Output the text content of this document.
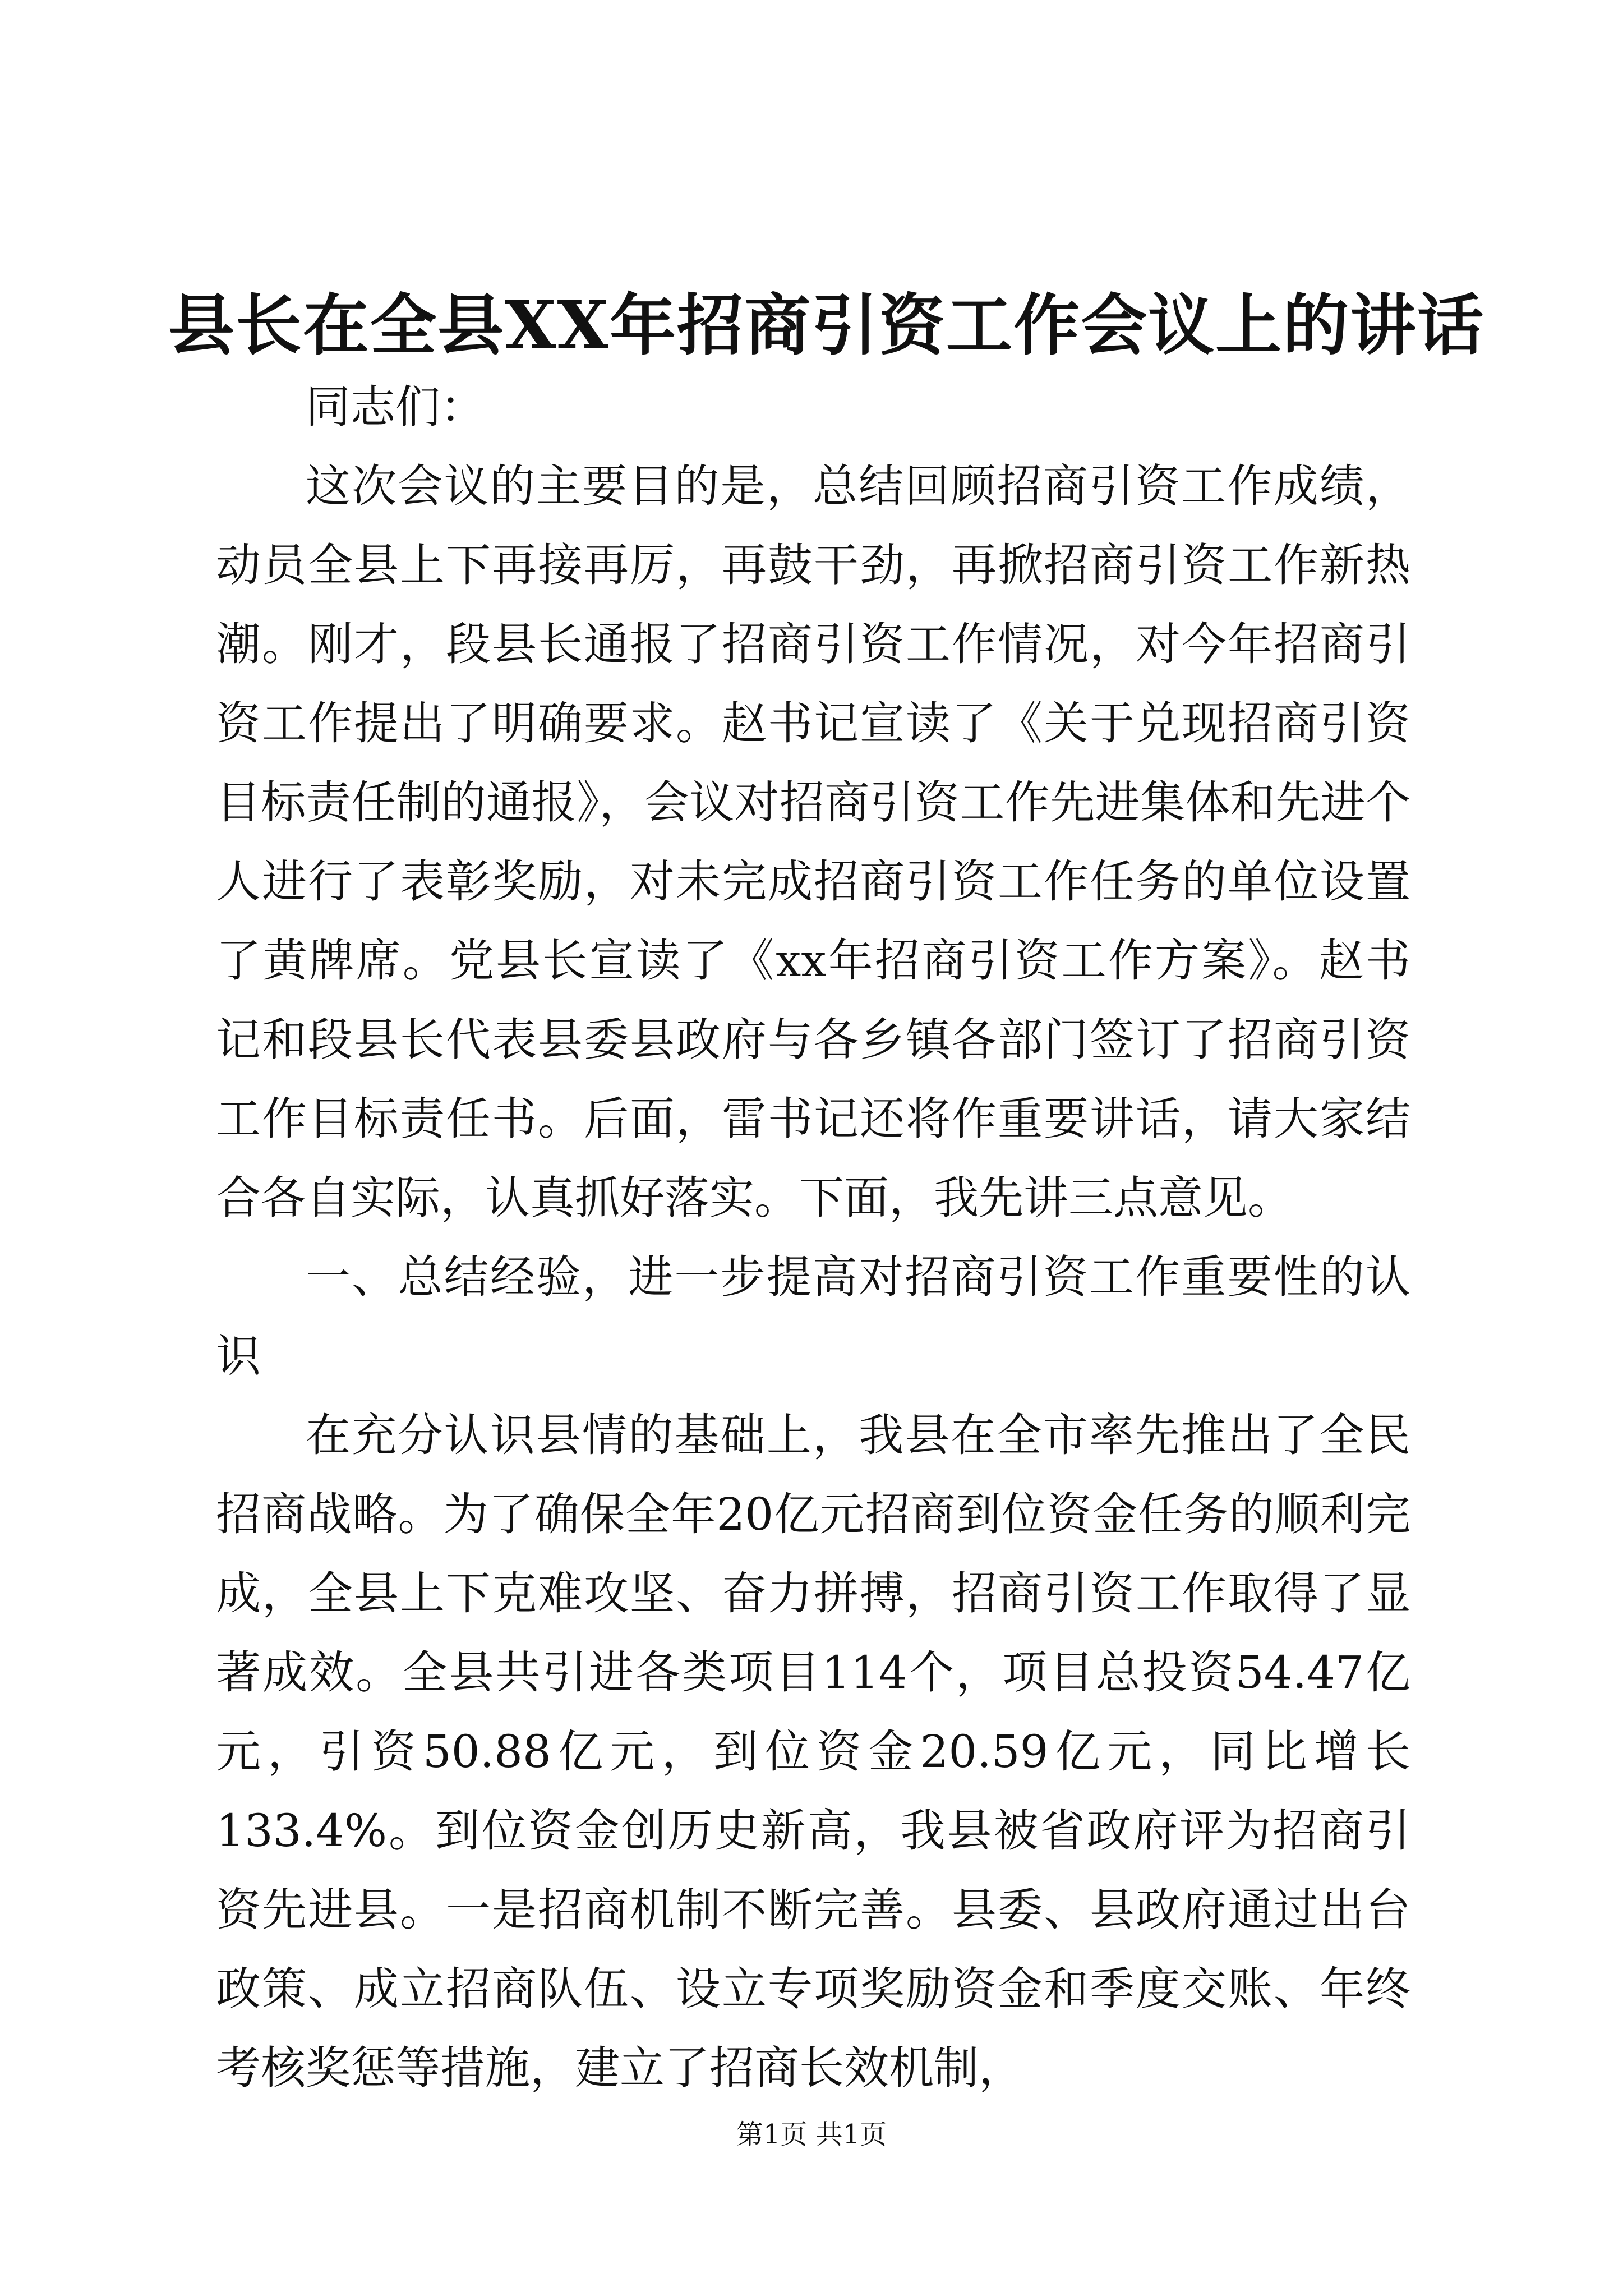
县长在全县XX年招商引资工作会议上的讲话

同志们：

这次会议的主要目的是，总结回顾招商引资工作成绩，动员全县上下再接再厉，再鼓干劲，再掀招商引资工作新热潮。刚才，段县长通报了招商引资工作情况，对今年招商引资工作提出了明确要求。赵书记宣读了《关于兑现招商引资目标责任制的通报》，会议对招商引资工作先进集体和先进个人进行了表彰奖励，对未完成招商引资工作任务的单位设置了黄牌席。党县长宣读了《xx年招商引资工作方案》。赵书记和段县长代表县委县政府与各乡镇各部门签订了招商引资工作目标责任书。后面，雷书记还将作重要讲话，请大家结合各自实际，认真抓好落实。下面，我先讲三点意见。

一、总结经验，进一步提高对招商引资工作重要性的认识

在充分认识县情的基础上，我县在全市率先推出了全民招商战略。为了确保全年20亿元招商到位资金任务的顺利完成，全县上下克难攻坚、奋力拼搏，招商引资工作取得了显著成效。全县共引进各类项目114个，项目总投资54.47亿元，引资50.88亿元，到位资金20.59亿元，同比增长133.4%。到位资金创历史新高，我县被省政府评为招商引资先进县。一是招商机制不断完善。县委、县政府通过出台政策、成立招商队伍、设立专项奖励资金和季度交账、年终考核奖惩等措施，建立了招商长效机制，

第1页 共1页
